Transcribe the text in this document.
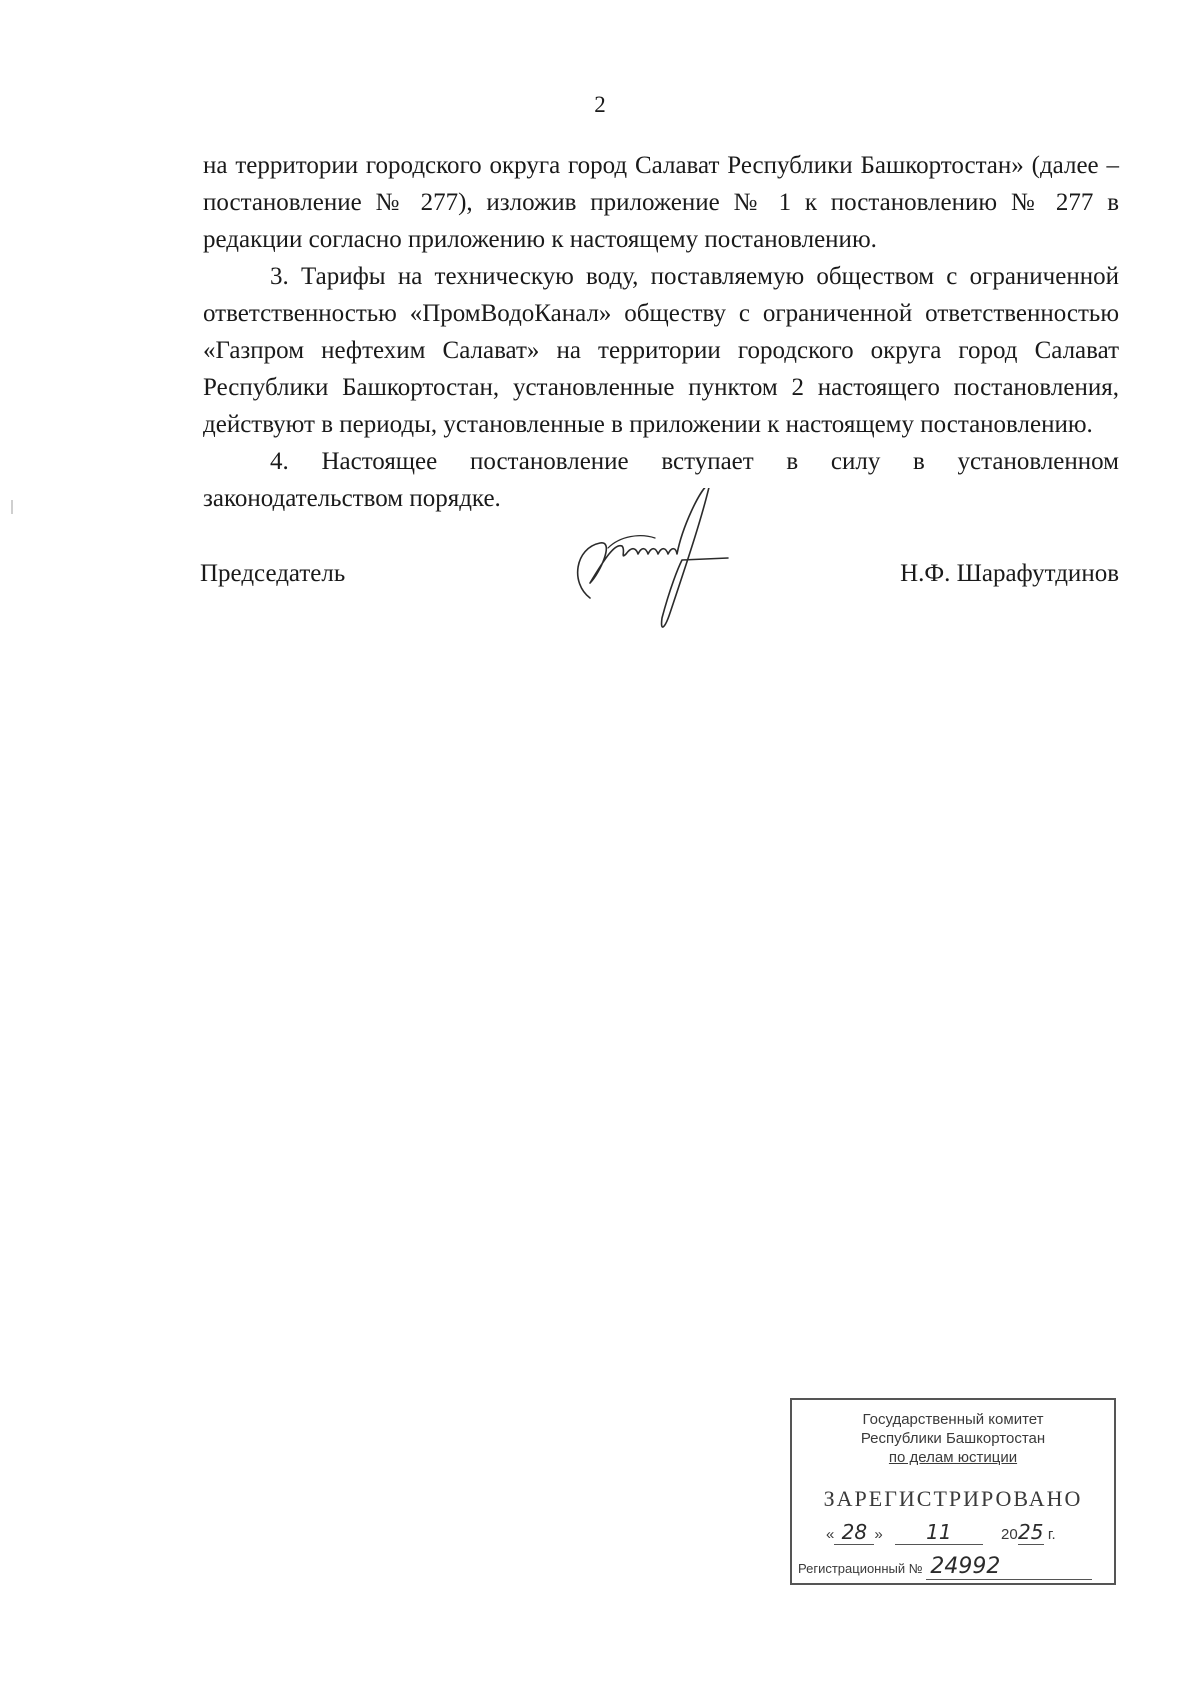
2

на территории городского округа город Салават Республики Башкортостан» (далее – постановление № 277), изложив приложение № 1 к постановлению № 277 в редакции согласно приложению к настоящему постановлению.

3. Тарифы на техническую воду, поставляемую обществом с ограниченной ответственностью «ПромВодоКанал» обществу с ограниченной ответственностью «Газпром нефтехим Салават» на территории городского округа город Салават Республики Башкортостан, установленные пунктом 2 настоящего постановления, действуют в периоды, установленные в приложении к настоящему постановлению.

4. Настоящее постановление вступает в силу в установленном законодательством порядке.

Председатель	Н.Ф. Шарафутдинов
Государственный комитет
Республики Башкортостан
по делам юстиции
ЗАРЕГИСТРИРОВАНО
« 28 » 11	2025 г.
Регистрационный № 24992
